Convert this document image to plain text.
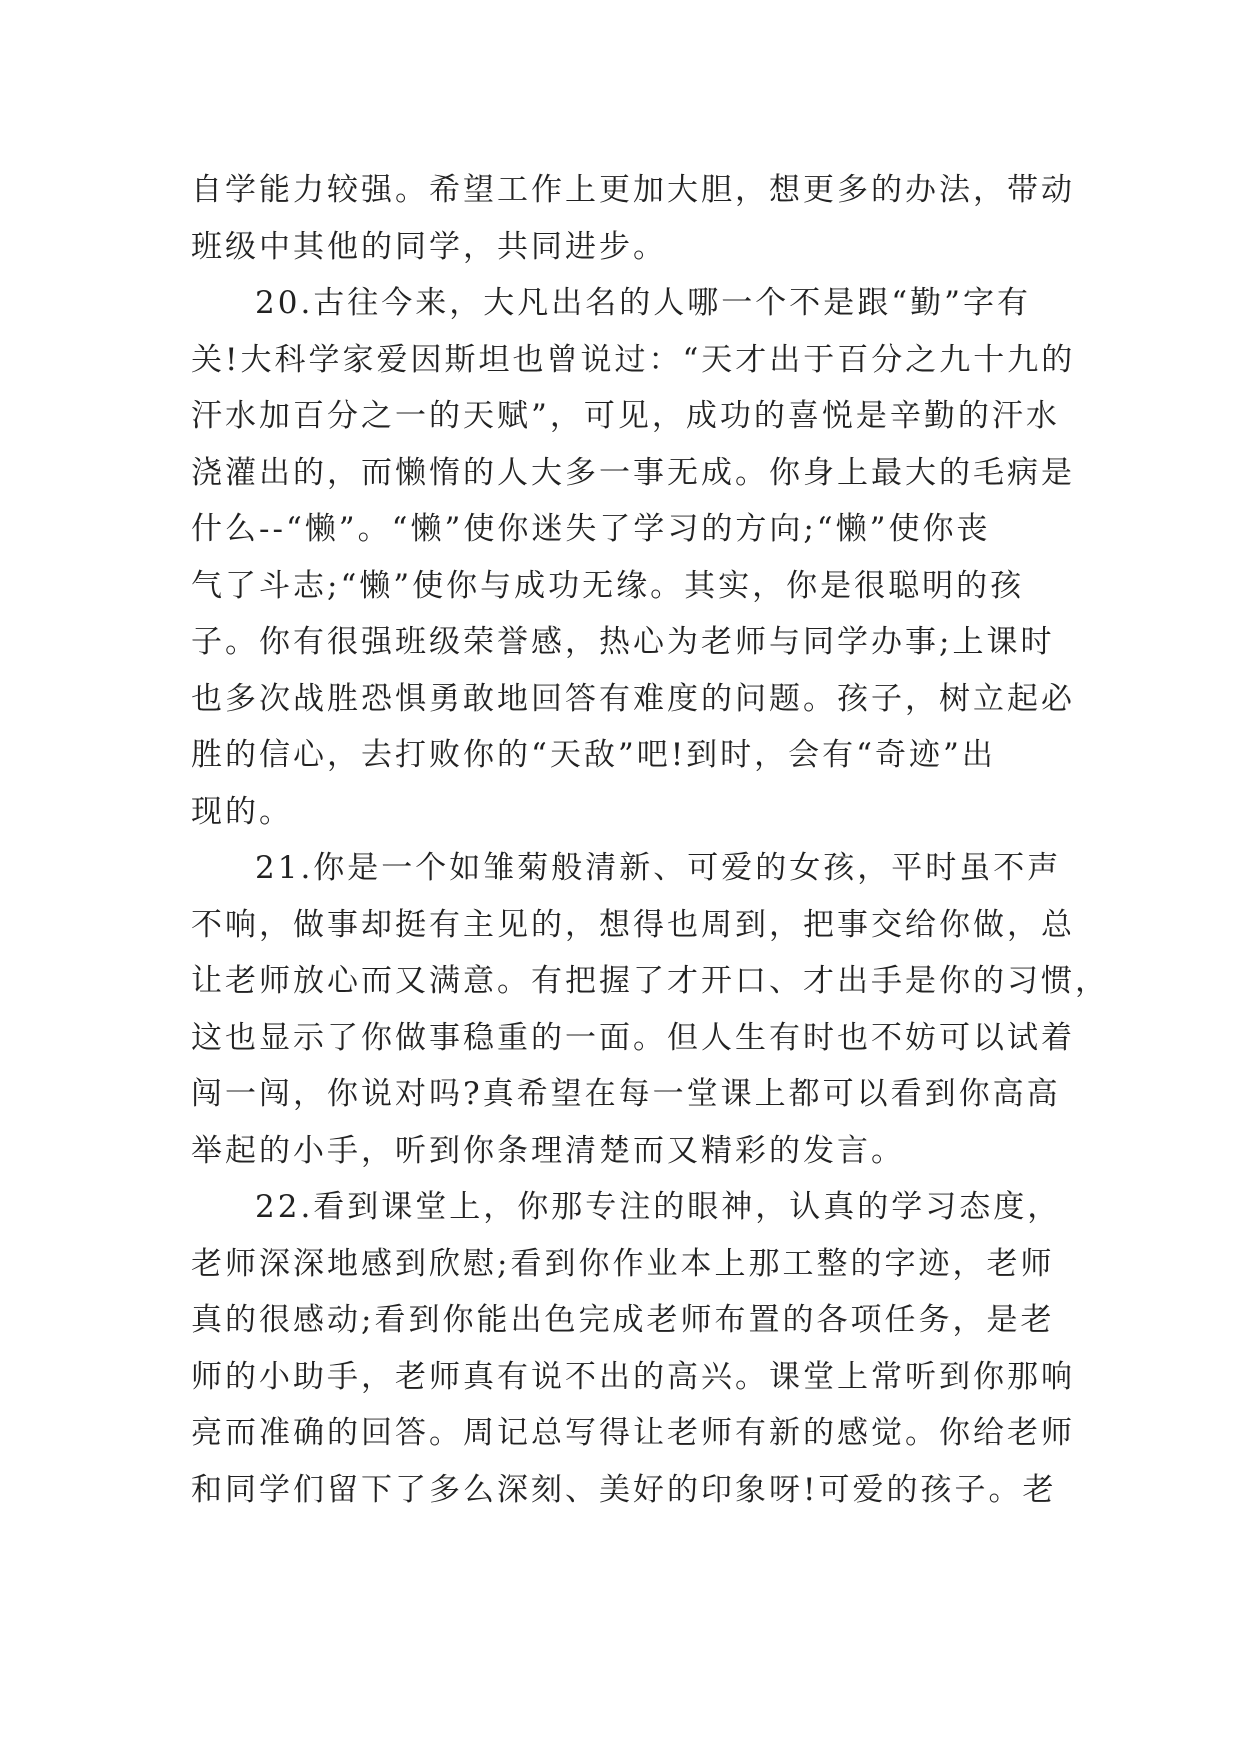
自学能力较强。希望工作上更加大胆，想更多的办法，带动
班级中其他的同学，共同进步。
20.古往今来，大凡出名的人哪一个不是跟“勤”字有
关!大科学家爱因斯坦也曾说过：“天才出于百分之九十九的
汗水加百分之一的天赋”，可见，成功的喜悦是辛勤的汗水
浇灌出的，而懒惰的人大多一事无成。你身上最大的毛病是
什么--“懒”。“懒”使你迷失了学习的方向;“懒”使你丧
气了斗志;“懒”使你与成功无缘。其实，你是很聪明的孩
子。你有很强班级荣誉感，热心为老师与同学办事;上课时
也多次战胜恐惧勇敢地回答有难度的问题。孩子，树立起必
胜的信心，去打败你的“天敌”吧!到时，会有“奇迹”出
现的。
21.你是一个如雏菊般清新、可爱的女孩，平时虽不声
不响，做事却挺有主见的，想得也周到，把事交给你做，总
让老师放心而又满意。有把握了才开口、才出手是你的习惯，
这也显示了你做事稳重的一面。但人生有时也不妨可以试着
闯一闯，你说对吗?真希望在每一堂课上都可以看到你高高
举起的小手，听到你条理清楚而又精彩的发言。
22.看到课堂上，你那专注的眼神，认真的学习态度，
老师深深地感到欣慰;看到你作业本上那工整的字迹，老师
真的很感动;看到你能出色完成老师布置的各项任务，是老
师的小助手，老师真有说不出的高兴。课堂上常听到你那响
亮而准确的回答。周记总写得让老师有新的感觉。你给老师
和同学们留下了多么深刻、美好的印象呀!可爱的孩子。老
